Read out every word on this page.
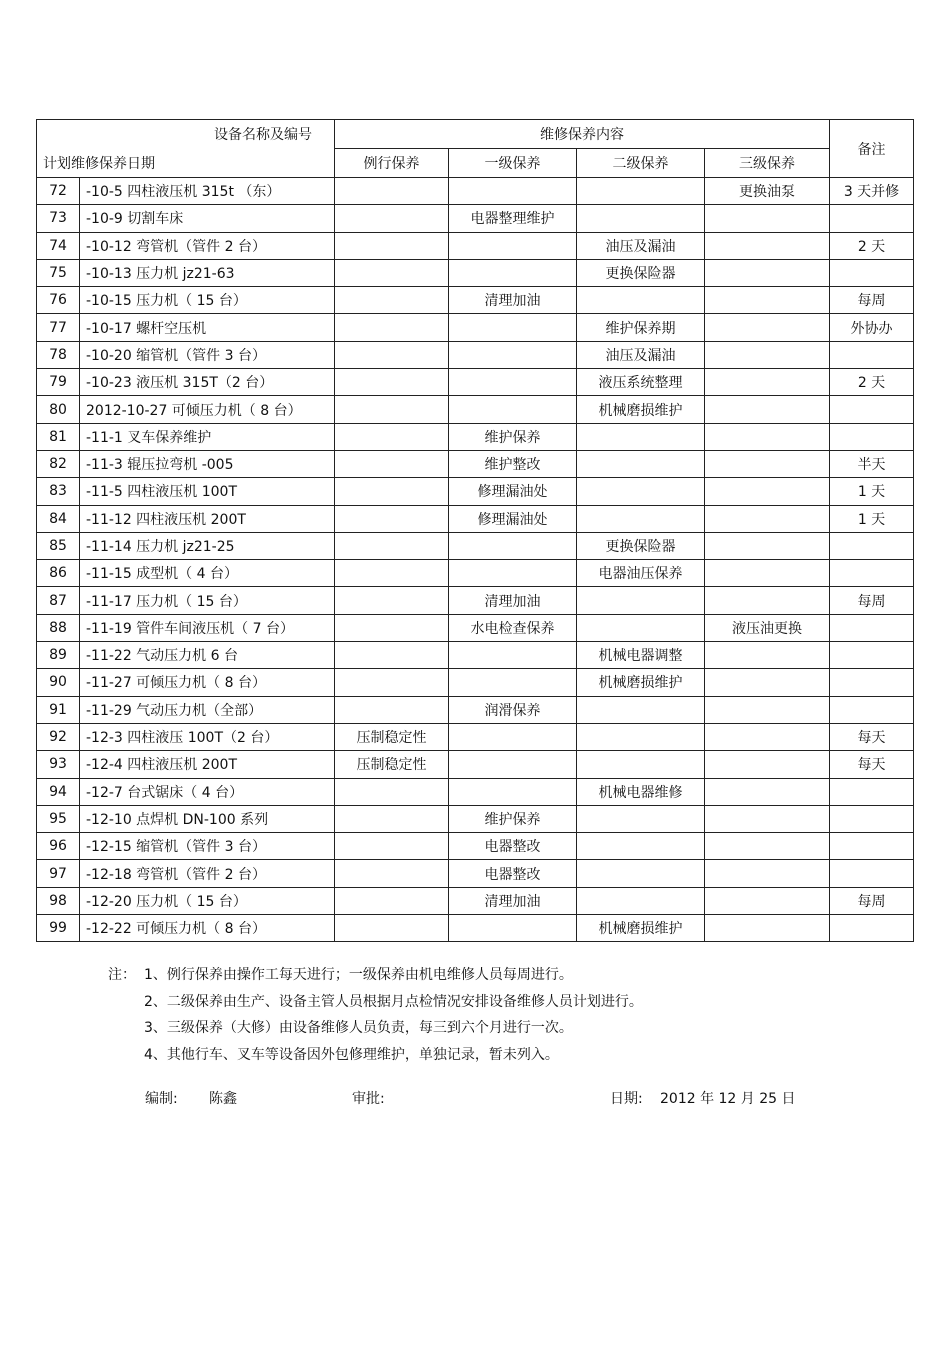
设备名称及编号
计划维修保养日期		维修保养内容				备注
		例行保养	一级保养	二级保养	三级保养	
72	-10-5 四柱液压机 315t （东）				更换油泵	3 天并修
73	-10-9 切割车床		电器整理维护			
74	-10-12 弯管机（管件 2 台）			油压及漏油		2 天
75	-10-13 压力机 jz21-63			更换保险器		
76	-10-15 压力机（ 15 台）		清理加油			每周
77	-10-17 螺杆空压机			维护保养期		外协办
78	-10-20 缩管机（管件 3 台）			油压及漏油		
79	-10-23 液压机 315T（2 台）			液压系统整理		2 天
80	2012-10-27 可倾压力机（ 8 台）			机械磨损维护		
81	-11-1 叉车保养维护		维护保养			
82	-11-3 辊压拉弯机 -005		维护整改			半天
83	-11-5 四柱液压机 100T		修理漏油处			1 天
84	-11-12 四柱液压机 200T		修理漏油处			1 天
85	-11-14 压力机 jz21-25			更换保险器		
86	-11-15 成型机（ 4 台）			电器油压保养		
87	-11-17 压力机（ 15 台）		清理加油			每周
88	-11-19 管件车间液压机（ 7 台）		水电检查保养		液压油更换	
89	-11-22 气动压力机 6 台			机械电器调整		
90	-11-27 可倾压力机（ 8 台）			机械磨损维护		
91	-11-29 气动压力机（全部）		润滑保养			
92	-12-3 四柱液压 100T（2 台）	压制稳定性				每天
93	-12-4 四柱液压机 200T	压制稳定性				每天
94	-12-7 台式锯床（ 4 台）			机械电器维修		
95	-12-10 点焊机 DN-100 系列		维护保养			
96	-12-15 缩管机（管件 3 台）		电器整改			
97	-12-18 弯管机（管件 2 台）		电器整改			
98	-12-20 压力机（ 15 台）		清理加油			每周
99	-12-22 可倾压力机（ 8 台）			机械磨损维护		
注： 1、例行保养由操作工每天进行；一级保养由机电维修人员每周进行。
2、二级保养由生产、设备主管人员根据月点检情况安排设备维修人员计划进行。
3、三级保养（大修）由设备维修人员负责，每三到六个月进行一次。
4、其他行车、叉车等设备因外包修理维护，单独记录，暂未列入。
编制: 陈鑫	审批:	日期: 2012 年 12 月 25 日
